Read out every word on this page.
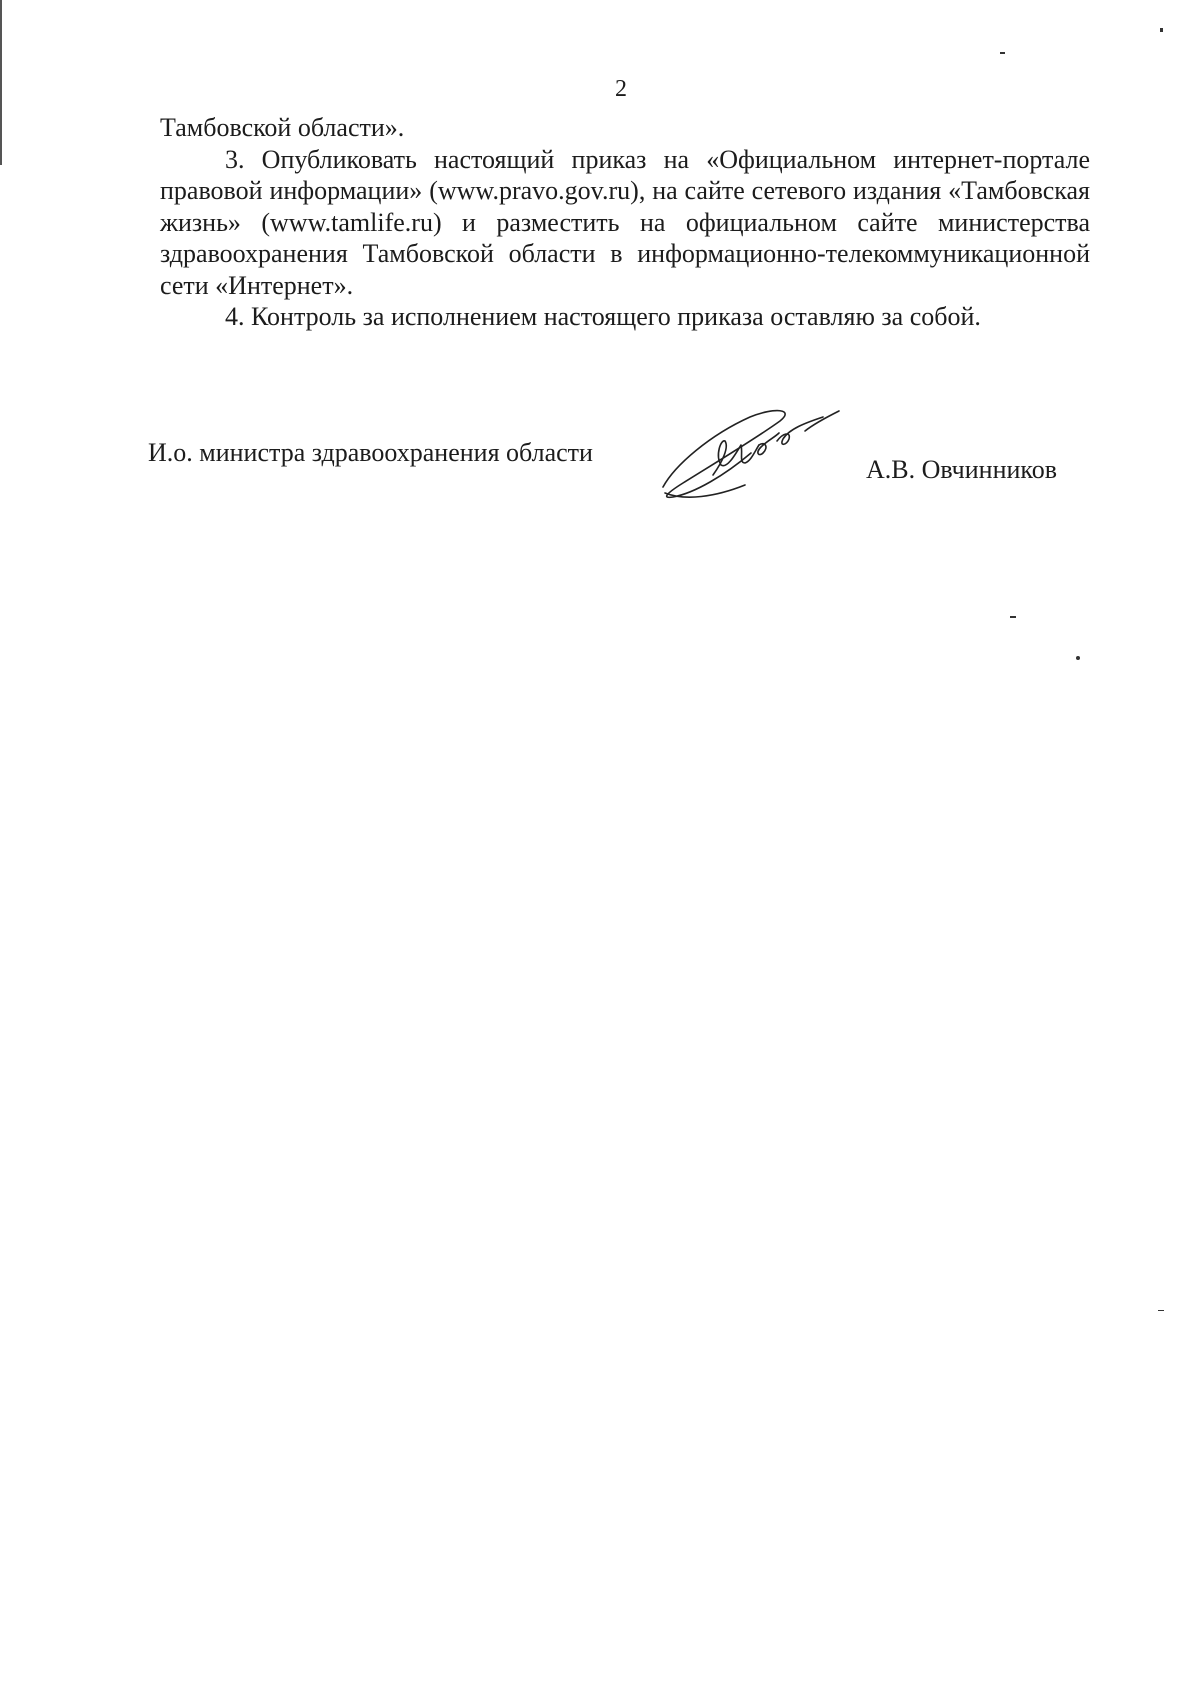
2

Тамбовской области».

3. Опубликовать настоящий приказ на «Официальном интернет-портале правовой информации» (www.pravo.gov.ru), на сайте сетевого издания «Тамбовская жизнь» (www.tamlife.ru) и разместить на официальном сайте министерства здравоохранения Тамбовской области в информационно-телекоммуникационной сети «Интернет».

4. Контроль за исполнением настоящего приказа оставляю за собой.

И.о. министра здравоохранения области
А.В. Овчинников
